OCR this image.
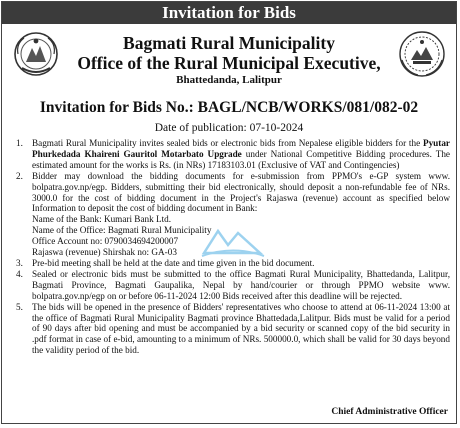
Invitation for Bids
Bagmati Rural Municipality
Office of the Rural Municipal Executive,
Bhattedanda, Lalitpur
Invitation for Bids No.: BAGL/NCB/WORKS/081/082-02
Date of publication: 07-10-2024
1. Bagmati Rural Municipality invites sealed bids or electronic bids from Nepalese eligible bidders for the Pyutar Phurkedada Khaireni Gauritol Motarbato Upgrade under National Competitive Bidding procedures. The estimated amount for the works is Rs. (in NRs) 17183103.01 (Exclusive of VAT and Contingencies)
2. Bidder may download the bidding documents for e-submission from PPMO's e-GP system www. bolpatra.gov.np/egp. Bidders, submitting their bid electronically, should deposit a non-refundable fee of NRs. 3000.0 for the cost of bidding document in the Project's Rajaswa (revenue) account as specified below Information to deposit the cost of bidding document in Bank:
Name of the Bank: Kumari Bank Ltd.
Name of the Office: Bagmati Rural Municipality
Office Account no: 0790034694200007
Rajaswa (revenue) Shirshak no: GA-03
3. Pre-bid meeting shall be held at the date and time given in the bid document.
4. Sealed or electronic bids must be submitted to the office Bagmati Rural Municipality, Bhattedanda, Lalitpur, Bagmati Province, Bagmati Gaupalika, Nepal by hand/courier or through PPMO website www. bolpatra.gov.np/egp on or before 06-11-2024 12:00 Bids received after this deadline will be rejected.
5. The bids will be opened in the presence of Bidders' representatives who choose to attend at 06-11-2024 13:00 at the office of Bagmati Rural Municipality Bagmati province Bhattedada,Lalitpur. Bids must be valid for a period of 90 days after bid opening and must be accompanied by a bid security or scanned copy of the bid security in .pdf format in case of e-bid, amounting to a minimum of NRs. 500000.0, which shall be valid for 30 days beyond the validity period of the bid.
Chief Administrative Officer
